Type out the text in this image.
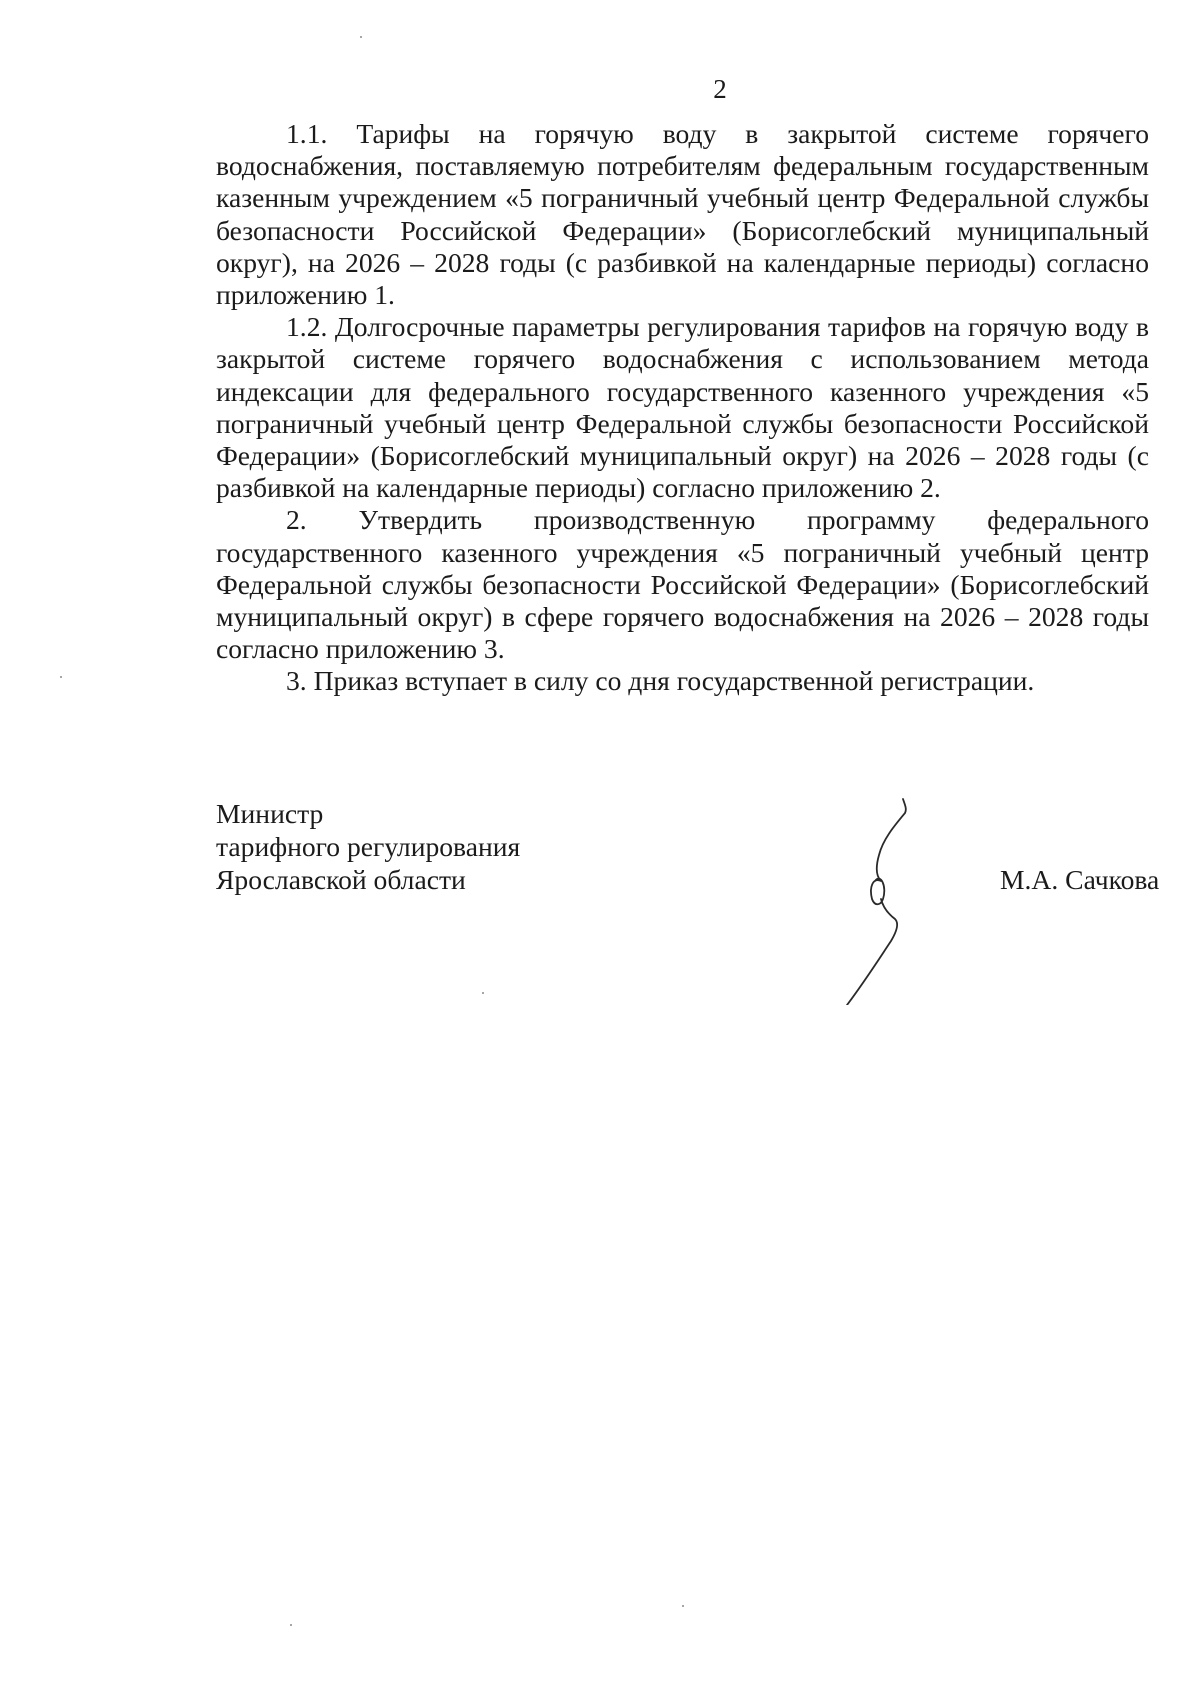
2

1.1. Тарифы на горячую воду в закрытой системе горячего водоснабжения, поставляемую потребителям федеральным государственным казенным учреждением «5 пограничный учебный центр Федеральной службы безопасности Российской Федерации» (Борисоглебский муниципальный округ), на 2026 – 2028 годы (с разбивкой на календарные периоды) согласно приложению 1.

1.2. Долгосрочные параметры регулирования тарифов на горячую воду в закрытой системе горячего водоснабжения с использованием метода индексации для федерального государственного казенного учреждения «5 пограничный учебный центр Федеральной службы безопасности Российской Федерации» (Борисоглебский муниципальный округ) на 2026 – 2028 годы (с разбивкой на календарные периоды) согласно приложению 2.

2. Утвердить производственную программу федерального государственного казенного учреждения «5 пограничный учебный центр Федеральной службы безопасности Российской Федерации» (Борисоглебский муниципальный округ) в сфере горячего водоснабжения на 2026 – 2028 годы согласно приложению 3.

3. Приказ вступает в силу со дня государственной регистрации.

Министр
тарифного регулирования
Ярославской области	М.А. Сачкова
